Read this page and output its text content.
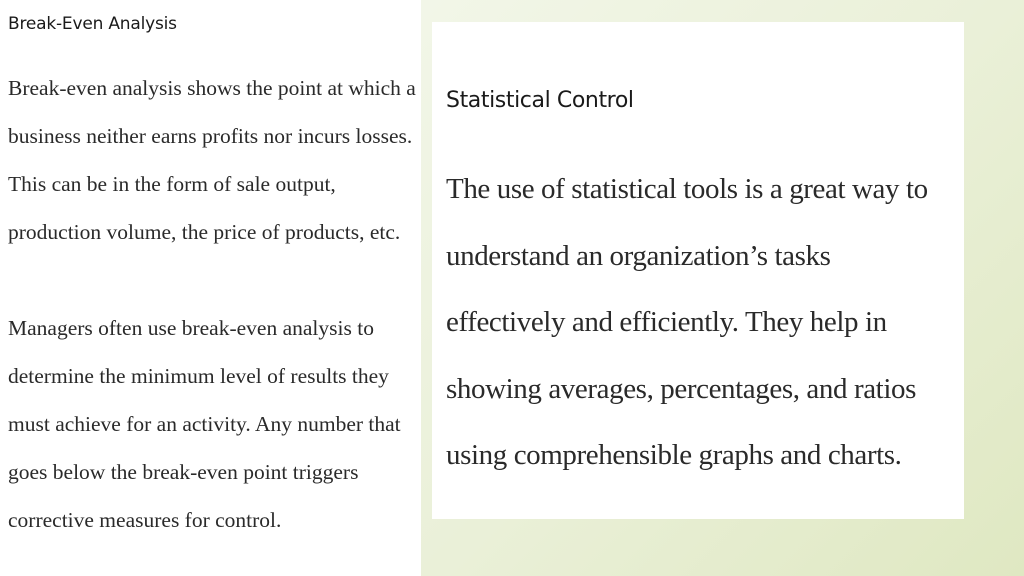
Break-Even Analysis

Break-even analysis shows the point at which a business neither earns profits nor incurs losses. This can be in the form of sale output, production volume, the price of products, etc.

Managers often use break-even analysis to determine the minimum level of results they must achieve for an activity. Any number that goes below the break-even point triggers corrective measures for control.

Statistical Control

The use of statistical tools is a great way to understand an organization’s tasks effectively and efficiently. They help in showing averages, percentages, and ratios using comprehensible graphs and charts.
